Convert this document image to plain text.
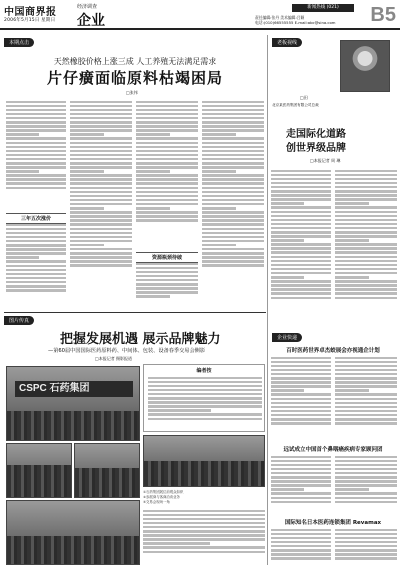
中国商界报
2006年5月15日 星期日
经济调查
企业
新闻热线 (021)
责任编辑:张丹 美术编辑:吕颖
电话:(010)66555555 E-mail:abc@sina.com	B5
本期点击
天然橡胶价格上涨三成 人工养殖无法满足需求
片仔癀面临原料枯竭困局
□张纬
三年五次涨价
资源瓶颈待破
图片传真
把握发展机遇 展示品牌魅力
—第60届中国国际医药原料药、中间体、包装、设备春季交易会侧影
□本报记者 摄影报道
CSPC 石药集团
编者按
①石药集团展位前观众如织
②参展商与客商洽谈业务
③交易会现场一角
老板视线
□田
北京某医药集团有限公司总裁
走国际化道路
创世界级品牌
□本报记者 周 琳
企业快递
百时医药世界卓杰蛟展会亦视通企计划
远试成立中国首个鼻咽癌疾病专家顾问团
国际知名日本医药连锁集团 Revamax
